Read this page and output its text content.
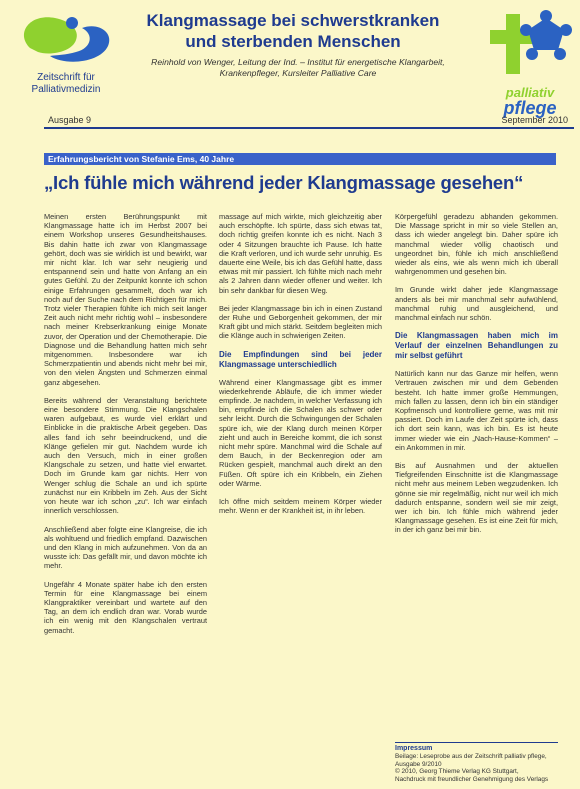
Zeitschrift für
Palliativmedizin
Klangmassage bei schwerstkranken
und sterbenden Menschen
Reinhold von Wenger, Leitung der Ind. – Institut für energetische Klangarbeit,
Krankenpfleger, Kursleiter Palliative Care
palliativ
pflege
Ausgabe 9	September 2010
Erfahrungsbericht von Stefanie Ems, 40 Jahre
„Ich fühle mich während jeder Klangmassage gesehen“

Meinen ersten Berührungspunkt mit Klangmassage hatte ich im Herbst 2007 bei einem Workshop unseres Gesundheitshauses. Bis dahin hatte ich zwar von Klangmassage gehört, doch was sie wirklich ist und bewirkt, war mir nicht klar. Ich war sehr neugierig und entspannend sein und hatte von Anfang an ein gutes Gefühl. Zu der Zeitpunkt konnte ich schon einige Erfahrungen gesammelt, doch war ich noch auf der Suche nach dem Richtigen für mich. Trotz vieler Therapien fühlte ich mich seit langer Zeit auch nicht mehr richtig wohl – insbesondere nach meiner Krebserkrankung einige Monate zuvor, der Operation und der Chemotherapie. Die Diagnose und die Behandlung hatten mich sehr mitgenommen. Insbesondere war ich Schmerzpatientin und abends nicht mehr bei mir, von den vielen Ängsten und Schmerzen einmal ganz abgesehen.

Bereits während der Veranstaltung berichtete eine besondere Stimmung. Die Klangschalen waren aufgebaut, es wurde viel erklärt und Einblicke in die praktische Arbeit gegeben. Das alles fand ich sehr beeindruckend, und die Klänge gefielen mir gut. Nachdem wurde ich auch den Versuch, mich in einer großen Klangschale zu setzen, und hatte viel erwartet. Doch im Grunde kam gar nichts. Herr von Wenger schlug die Schale an und ich spürte zunächst nur ein Kribbeln im Zeh. Aus der Sicht von heute war ich schon „zu“. Ich war einfach innerlich verschlossen.

Anschließend aber folgte eine Klangreise, die ich als wohltuend und friedlich empfand. Dazwischen und den Klang in mich aufzunehmen. Von da an wusste ich: Das gefällt mir, und davon möchte ich mehr.

Ungefähr 4 Monate später habe ich den ersten Termin für eine Klangmassage bei einem Klangpraktiker vereinbart und wartete auf den Tag, an dem ich endlich dran war. Vorab wurde ich ein wenig mit den Klangschalen vertraut gemacht.

massage auf mich wirkte, mich gleichzeitig aber auch erschöpfte. Ich spürte, dass sich etwas tat, doch richtig greifen konnte ich es nicht. Nach 3 oder 4 Sitzungen brauchte ich Pause. Ich hatte die Kraft verloren, und ich wurde sehr unruhig. Es dauerte eine Weile, bis ich das Gefühl hatte, dass etwas mit mir passiert. Ich fühlte mich nach mehr als 2 Jahren dann wieder offener und weiter. Ich bin sehr dankbar für diesen Weg.

Bei jeder Klangmassage bin ich in einen Zustand der Ruhe und Geborgenheit gekommen, der mir Kraft gibt und mich stärkt. Seitdem begleiten mich die Klänge auch in schwierigen Zeiten.

Die Empfindungen sind bei jeder Klangmassage unterschiedlich

Während einer Klangmassage gibt es immer wiederkehrende Abläufe, die ich immer wieder empfinde. Je nachdem, in welcher Verfassung ich bin, empfinde ich die Schalen als schwer oder sehr leicht. Durch die Schwingungen der Schalen spüre ich, wie der Klang durch meinen Körper zieht und auch in Bereiche kommt, die ich sonst nicht mehr spüre. Manchmal wird die Schale auf dem Bauch, in der Beckenregion oder am Rücken gespielt, manchmal auch direkt an den Füßen. Oft spüre ich ein Kribbeln, ein Ziehen oder Wärme.

Ich öffne mich seitdem meinem Körper wieder mehr. Wenn er der Krankheit ist, in ihr leben.

Körpergefühl geradezu abhanden gekommen. Die Massage spricht in mir so viele Stellen an, dass ich wieder angelegt bin. Daher spüre ich manchmal wieder völlig chaotisch und ungeordnet bin, fühle ich mich anschließend wieder als eins, wie als wenn mich ich überall wahrgenommen und gesehen bin.

Im Grunde wirkt daher jede Klangmassage anders als bei mir manchmal sehr aufwühlend, manchmal ruhig und ausgleichend, und manchmal einfach nur schön.

Die Klangmassagen haben mich im Verlauf der einzelnen Behandlungen zu mir selbst geführt

Natürlich kann nur das Ganze mir helfen, wenn Vertrauen zwischen mir und dem Gebenden besteht. Ich hatte immer große Hemmungen, mich fallen zu lassen, denn ich bin ein ständiger Kopfmensch und kontrolliere gerne, was mit mir passiert. Doch im Laufe der Zeit spürte ich, dass ich dort sein kann, was ich bin. Es ist heute immer wieder wie ein „Nach-Hause-Kommen“ – ein Ankommen in mir.

Bis auf Ausnahmen und der aktuellen Tiefgreifenden Einschnitte ist die Klangmassage nicht mehr aus meinem Leben wegzudenken. Ich gönne sie mir regelmäßig, nicht nur weil ich mich dadurch entspanne, sondern weil sie mir zeigt, wer ich bin. Ich fühle mich während jeder Klangmassage gesehen. Es ist eine Zeit für mich, in der ich ganz bei mir bin.

Impressum
Beilage: Leseprobe aus der Zeitschrift palliativ pflege,
Ausgabe 9/2010
© 2010, Georg Thieme Verlag KG Stuttgart,
Nachdruck mit freundlicher Genehmigung des Verlags
